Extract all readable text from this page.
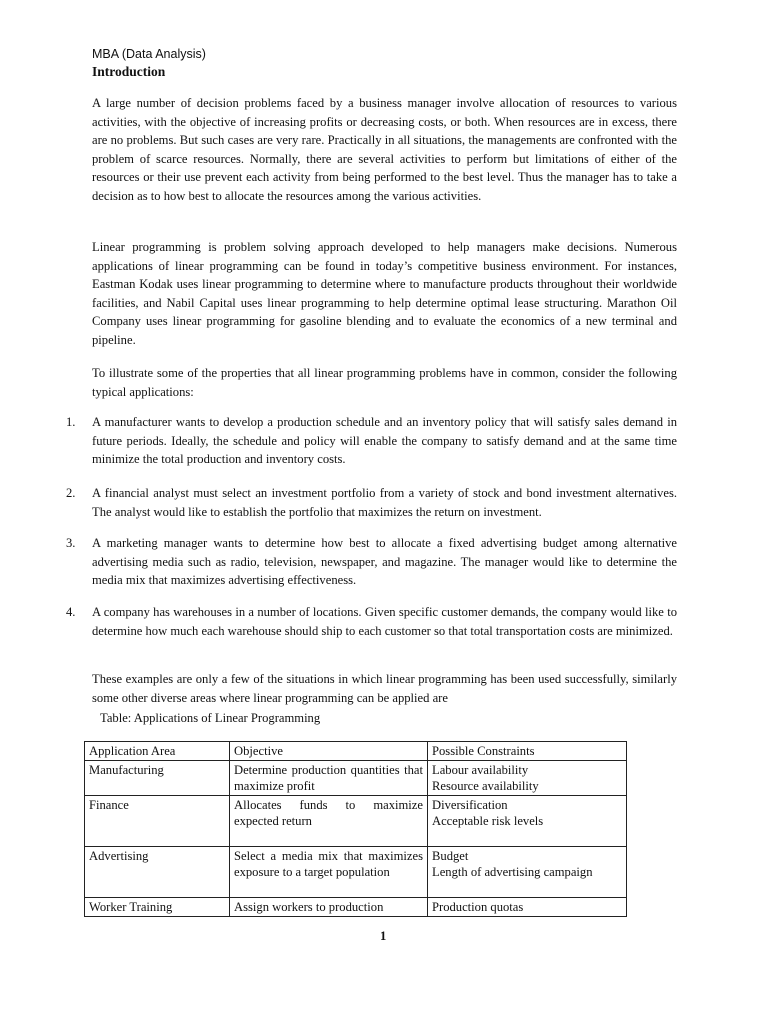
MBA (Data Analysis)
Introduction

A large number of decision problems faced by a business manager involve allocation of resources to various activities, with the objective of increasing profits or decreasing costs, or both. When resources are in excess, there are no problems. But such cases are very rare. Practically in all situations, the managements are confronted with the problem of scarce resources. Normally, there are several activities to perform but limitations of either of the resources or their use prevent each activity from being performed to the best level. Thus the manager has to take a decision as to how best to allocate the resources among the various activities.

Linear programming is problem solving approach developed to help managers make decisions. Numerous applications of linear programming can be found in today’s competitive business environment. For instances, Eastman Kodak uses linear programming to determine where to manufacture products throughout their worldwide facilities, and Nabil Capital uses linear programming to help determine optimal lease structuring. Marathon Oil Company uses linear programming for gasoline blending and to evaluate the economics of a new terminal and pipeline.

To illustrate some of the properties that all linear programming problems have in common, consider the following typical applications:

1.	A manufacturer wants to develop a production schedule and an inventory policy that will satisfy sales demand in future periods. Ideally, the schedule and policy will enable the company to satisfy demand and at the same time minimize the total production and inventory costs.
2.	A financial analyst must select an investment portfolio from a variety of stock and bond investment alternatives. The analyst would like to establish the portfolio that maximizes the return on investment.
3.	A marketing manager wants to determine how best to allocate a fixed advertising budget among alternative advertising media such as radio, television, newspaper, and magazine. The manager would like to determine the media mix that maximizes advertising effectiveness.
4.	A company has warehouses in a number of locations. Given specific customer demands, the company would like to determine how much each warehouse should ship to each customer so that total transportation costs are minimized.

These examples are only a few of the situations in which linear programming has been used successfully, similarly some other diverse areas where linear programming can be applied are

Table: Applications of Linear Programming
Application Area	Objective	Possible Constraints
Manufacturing	Determine production quantities that maximize profit	Labour availability
Resource availability

Finance	Allocates funds to maximize expected return	Diversification
Acceptable risk levels

Advertising	Select a media mix that maximizes exposure to a target population	Budget
Length of advertising campaign

Worker Training	Assign workers to production	Production quotas
1
